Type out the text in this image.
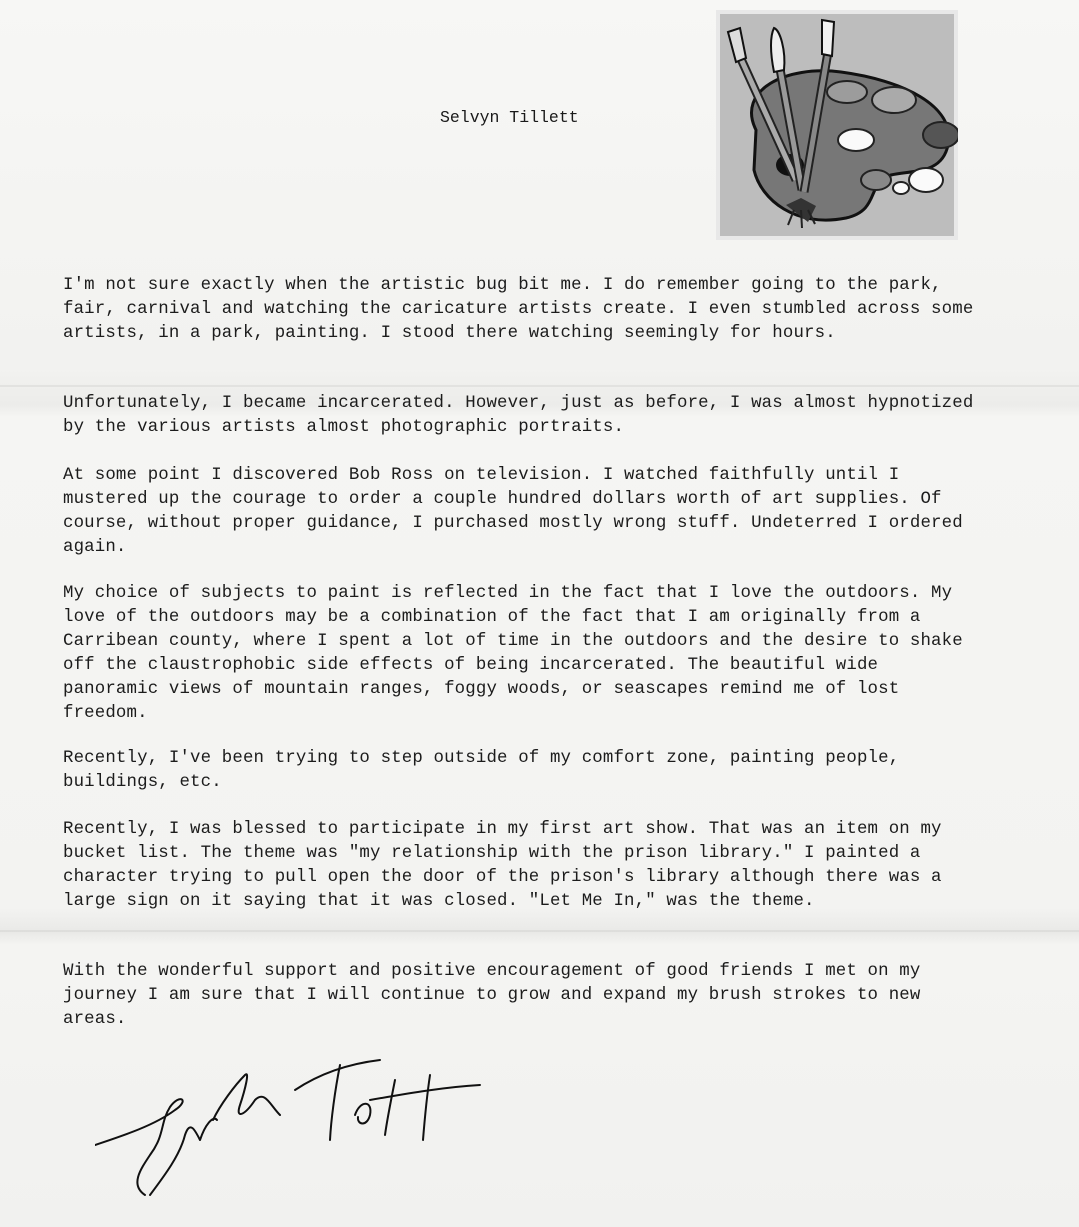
Selvyn Tillett

I'm not sure exactly when the artistic bug bit me. I do remember going to the park, fair, carnival and watching the caricature artists create. I even stumbled across some artists, in a park, painting. I stood there watching seemingly for hours.

Unfortunately, I became incarcerated. However, just as before, I was almost hypnotized by the various artists almost photographic portraits.

At some point I discovered Bob Ross on television. I watched faithfully until I mustered up the courage to order a couple hundred dollars worth of art supplies. Of course, without proper guidance, I purchased mostly wrong stuff. Undeterred I ordered again.

My choice of subjects to paint is reflected in the fact that I love the outdoors. My love of the outdoors may be a combination of the fact that I am originally from a Carribean county, where I spent a lot of time in the outdoors and the desire to shake off the claustrophobic side effects of being incarcerated. The beautiful wide panoramic views of mountain ranges, foggy woods, or seascapes remind me of lost freedom.

Recently, I've been trying to step outside of my comfort zone, painting people, buildings, etc.

Recently, I was blessed to participate in my first art show. That was an item on my bucket list. The theme was "my relationship with the prison library." I painted a character trying to pull open the door of the prison's library although there was a large sign on it saying that it was closed. "Let Me In," was the theme.

With the wonderful support and positive encouragement of good friends I met on my journey I am sure that I will continue to grow and expand my brush strokes to new areas.
